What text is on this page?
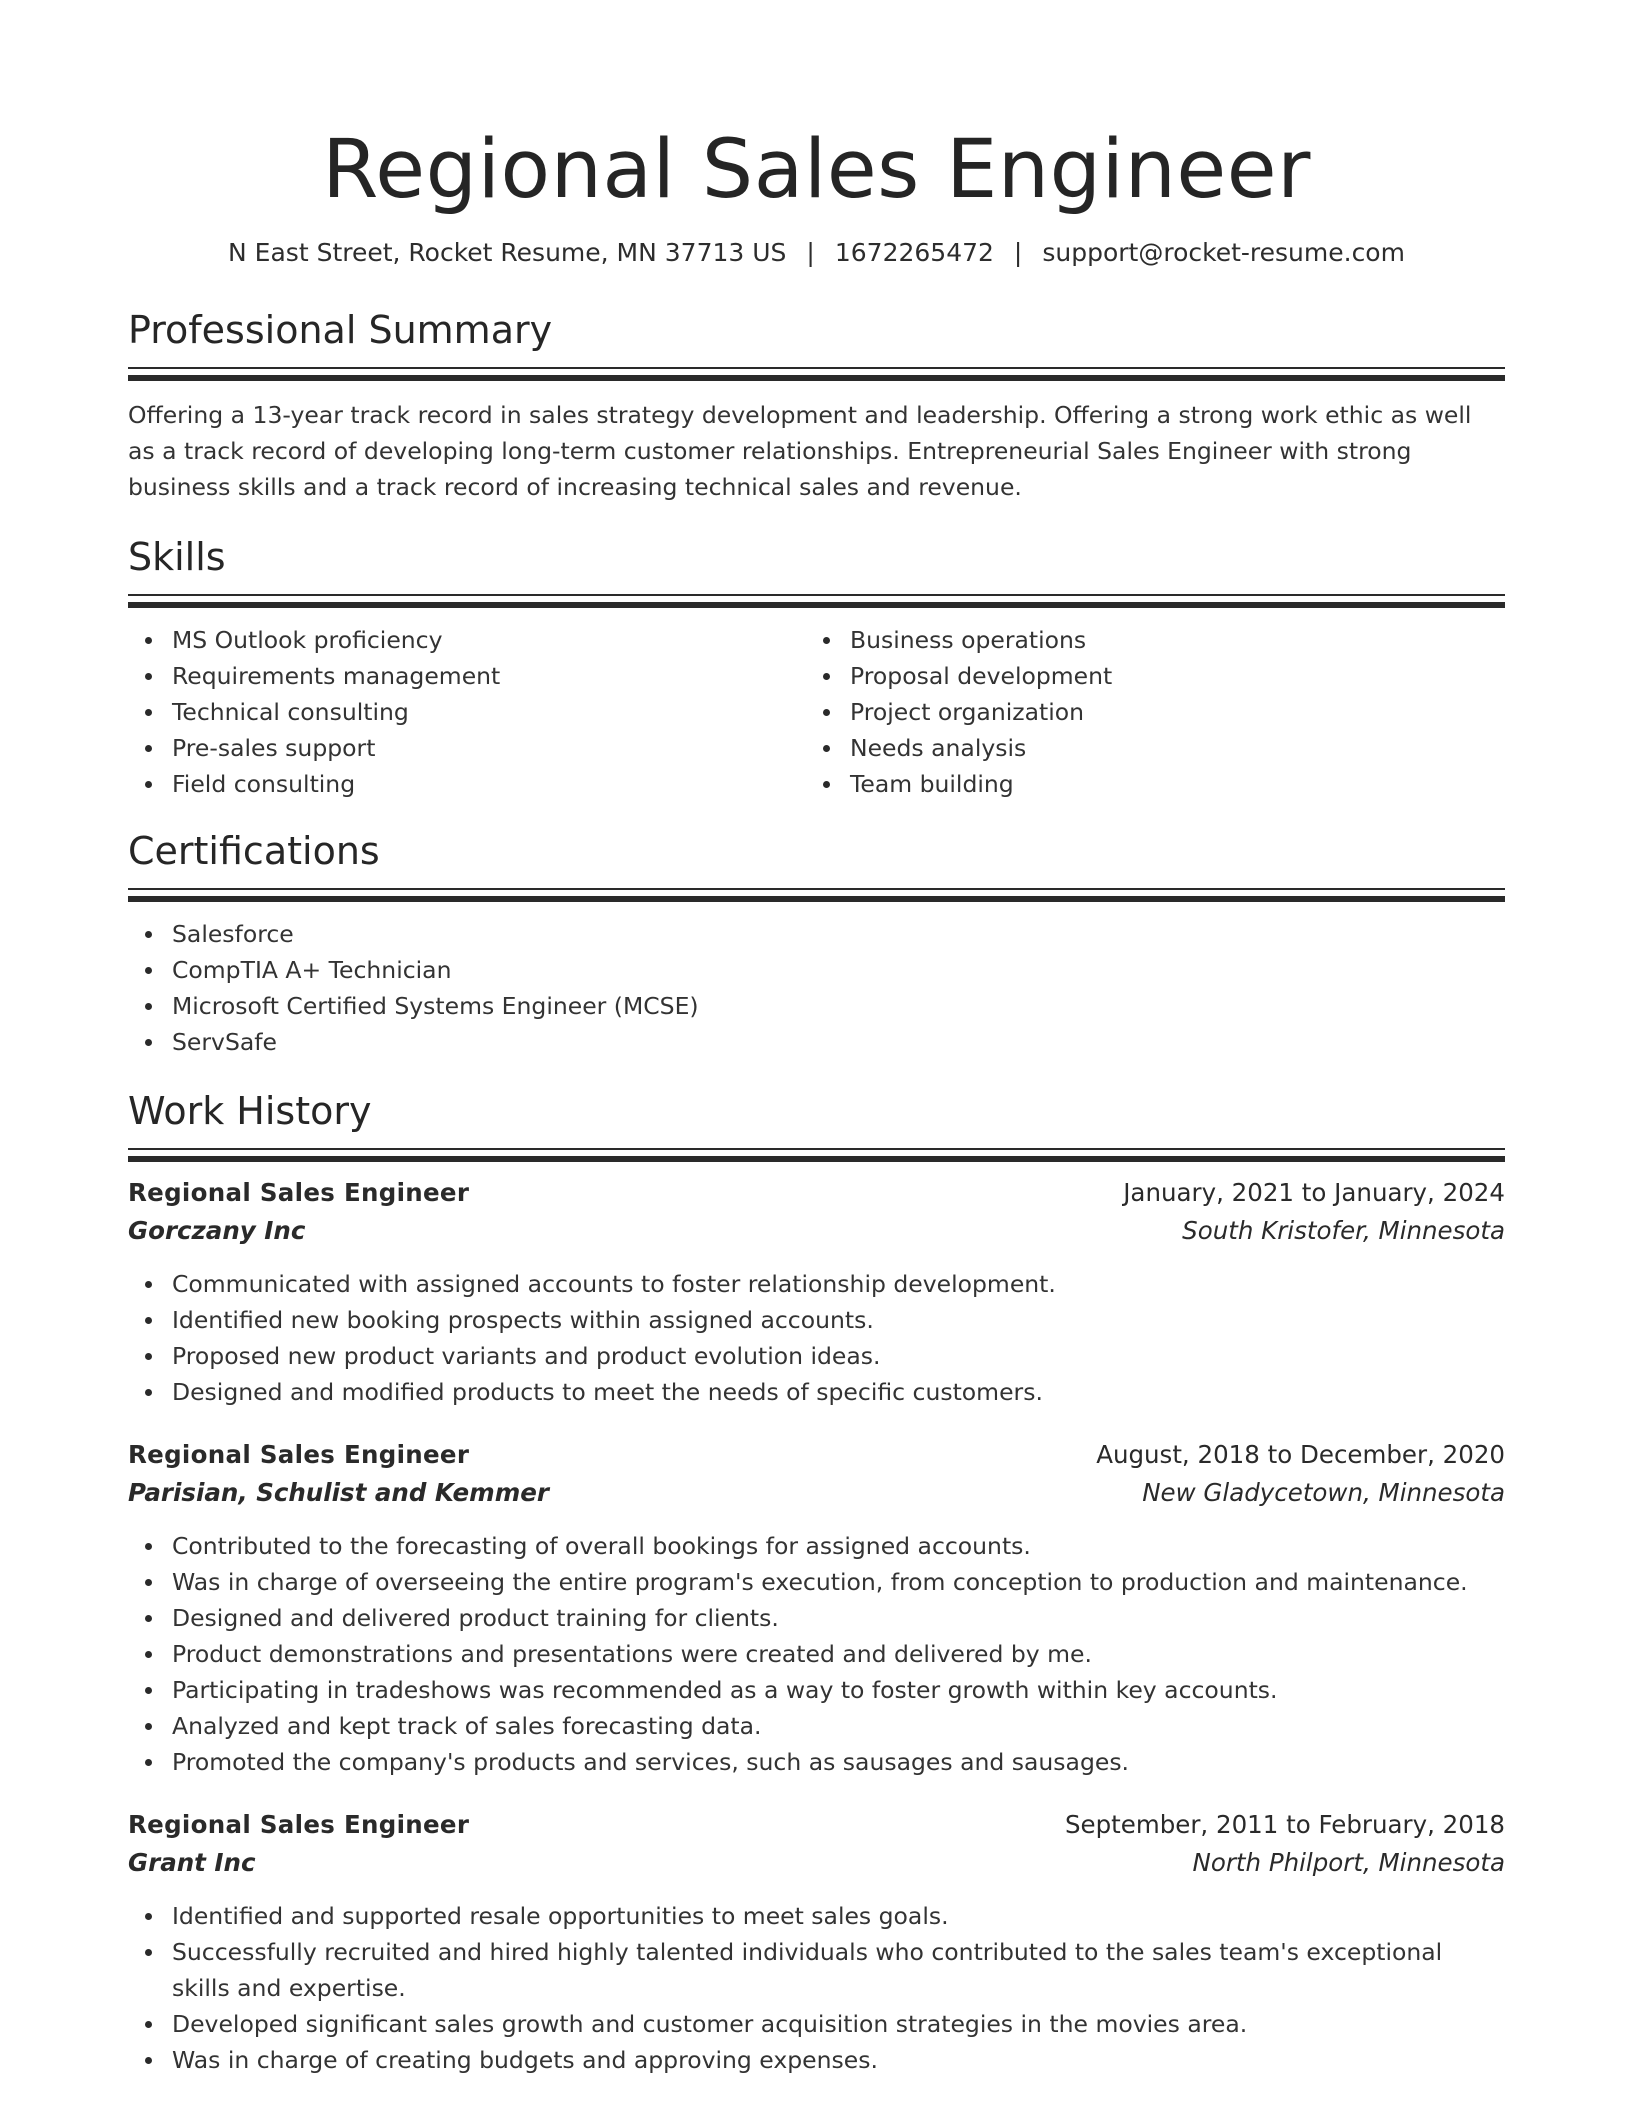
Regional Sales Engineer
N East Street, Rocket Resume, MN 37713 US | 1672265472 | support@rocket-resume.com
Professional Summary
Offering a 13-year track record in sales strategy development and leadership. Offering a strong work ethic as well as a track record of developing long-term customer relationships. Entrepreneurial Sales Engineer with strong business skills and a track record of increasing technical sales and revenue.
Skills
MS Outlook proficiency
Requirements management
Technical consulting
Pre-sales support
Field consulting
Business operations
Proposal development
Project organization
Needs analysis
Team building
Certifications
Salesforce
CompTIA A+ Technician
Microsoft Certified Systems Engineer (MCSE)
ServSafe
Work History
Regional Sales Engineer	January, 2021 to January, 2024
Gorczany Inc	South Kristofer, Minnesota
Communicated with assigned accounts to foster relationship development.
Identified new booking prospects within assigned accounts.
Proposed new product variants and product evolution ideas.
Designed and modified products to meet the needs of specific customers.
Regional Sales Engineer	August, 2018 to December, 2020
Parisian, Schulist and Kemmer	New Gladycetown, Minnesota
Contributed to the forecasting of overall bookings for assigned accounts.
Was in charge of overseeing the entire program's execution, from conception to production and maintenance.
Designed and delivered product training for clients.
Product demonstrations and presentations were created and delivered by me.
Participating in tradeshows was recommended as a way to foster growth within key accounts.
Analyzed and kept track of sales forecasting data.
Promoted the company's products and services, such as sausages and sausages.
Regional Sales Engineer	September, 2011 to February, 2018
Grant Inc	North Philport, Minnesota
Identified and supported resale opportunities to meet sales goals.
Successfully recruited and hired highly talented individuals who contributed to the sales team's exceptional skills and expertise.
Developed significant sales growth and customer acquisition strategies in the movies area.
Was in charge of creating budgets and approving expenses.
